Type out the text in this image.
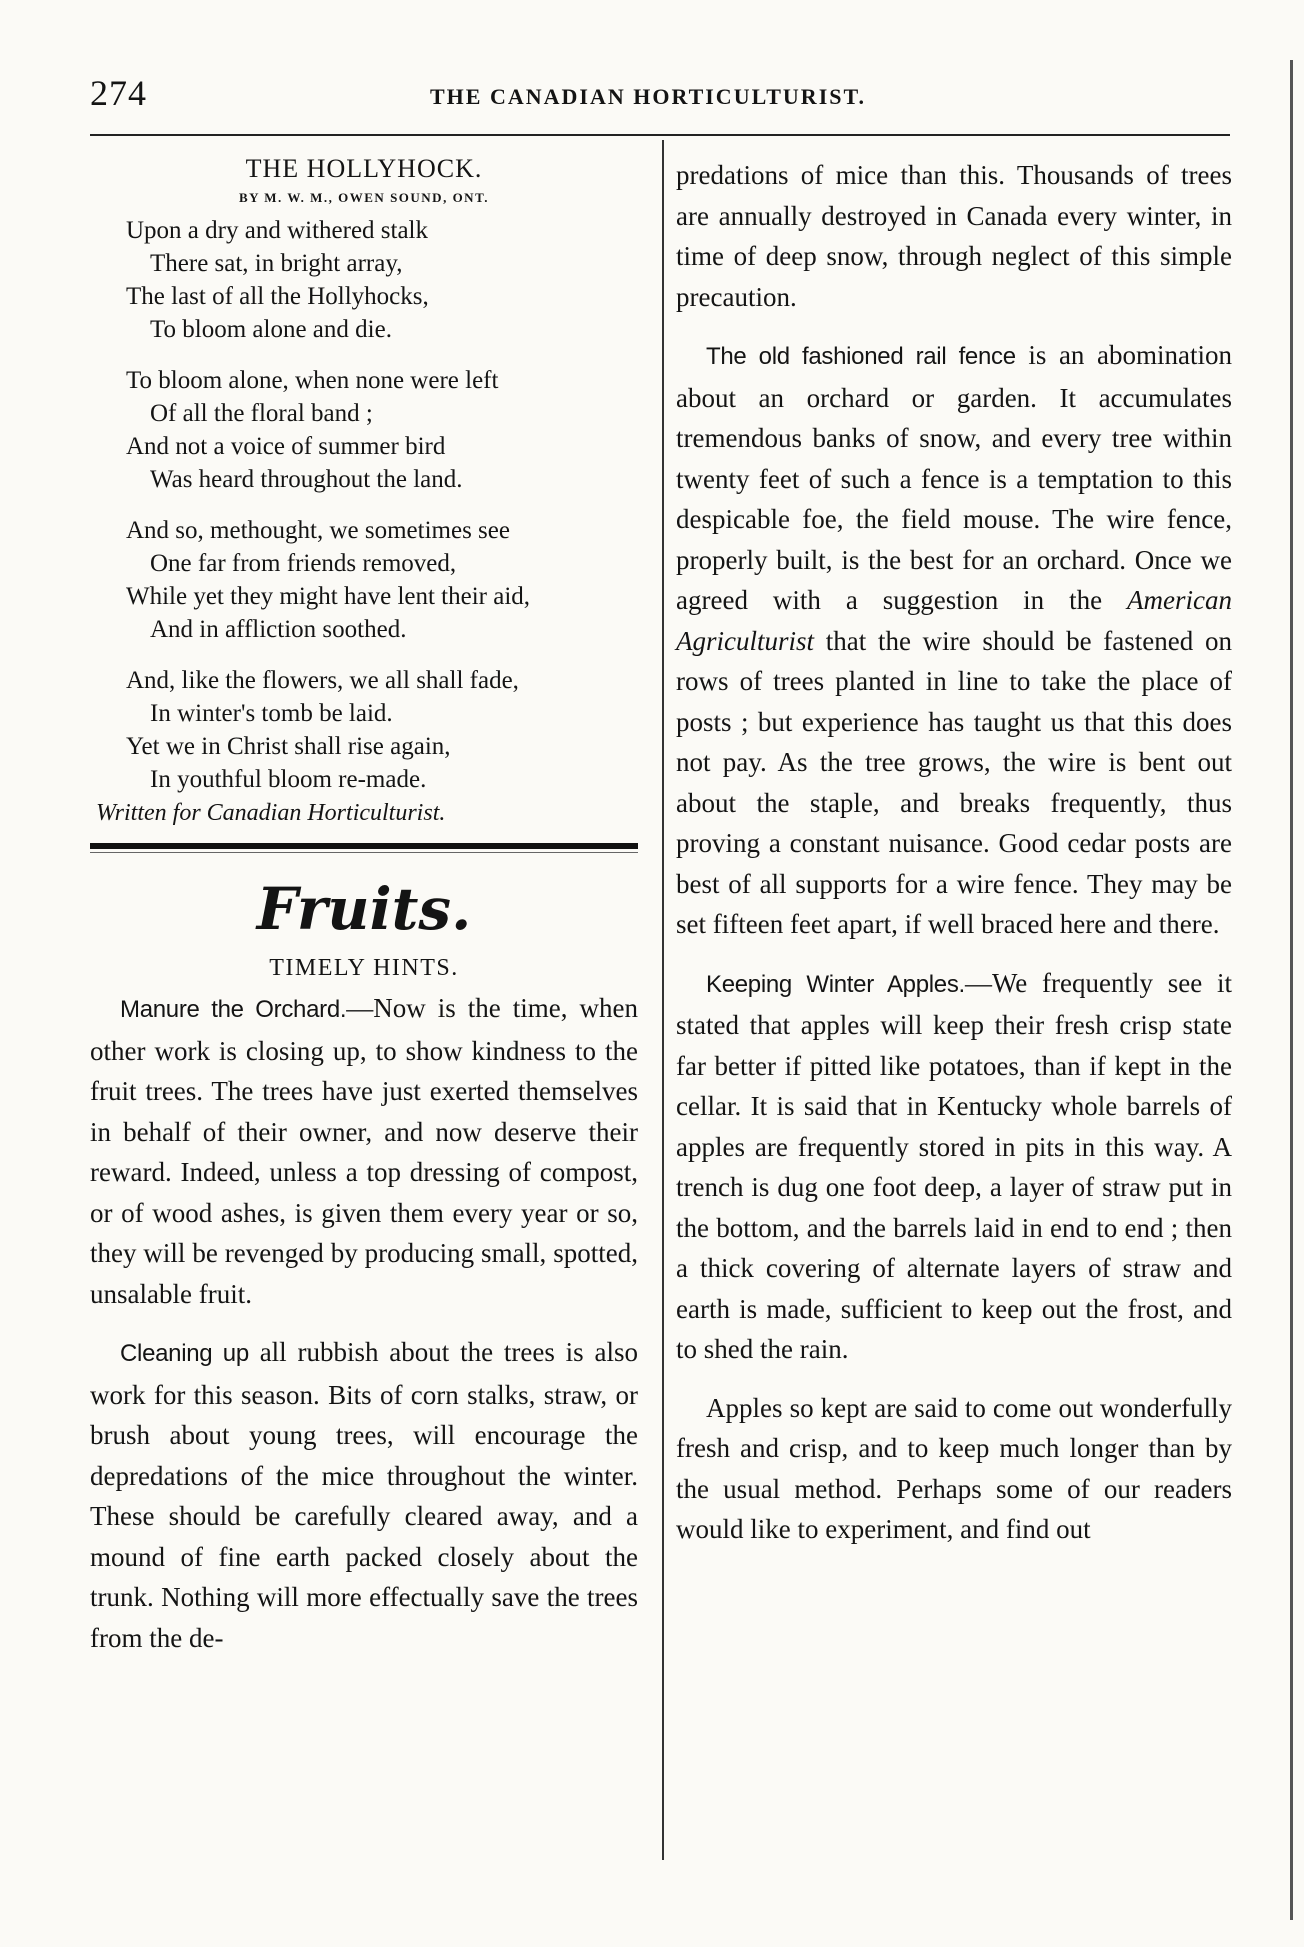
274	THE CANADIAN HORTICULTURIST.
THE HOLLYHOCK.
BY M. W. M., OWEN SOUND, ONT.
Upon a dry and withered stalk
There sat, in bright array,
The last of all the Hollyhocks,
To bloom alone and die.
To bloom alone, when none were left
Of all the floral band ;
And not a voice of summer bird
Was heard throughout the land.
And so, methought, we sometimes see
One far from friends removed,
While yet they might have lent their aid,
And in affliction soothed.
And, like the flowers, we all shall fade,
In winter's tomb be laid.
Yet we in Christ shall rise again,
In youthful bloom re-made.
Written for Canadian Horticulturist.
Fruits.
TIMELY HINTS.

Manure the Orchard.—Now is the time, when other work is closing up, to show kindness to the fruit trees. The trees have just exerted themselves in behalf of their owner, and now deserve their reward. Indeed, unless a top dressing of compost, or of wood ashes, is given them every year or so, they will be revenged by producing small, spotted, unsalable fruit.

Cleaning up all rubbish about the trees is also work for this season. Bits of corn stalks, straw, or brush about young trees, will encourage the depredations of the mice throughout the winter. These should be carefully cleared away, and a mound of fine earth packed closely about the trunk. Nothing will more effectually save the trees from the de-

predations of mice than this. Thousands of trees are annually destroyed in Canada every winter, in time of deep snow, through neglect of this simple precaution.

The old fashioned rail fence is an abomination about an orchard or garden. It accumulates tremendous banks of snow, and every tree within twenty feet of such a fence is a temptation to this despicable foe, the field mouse. The wire fence, properly built, is the best for an orchard. Once we agreed with a suggestion in the American Agriculturist that the wire should be fastened on rows of trees planted in line to take the place of posts ; but experience has taught us that this does not pay. As the tree grows, the wire is bent out about the staple, and breaks frequently, thus proving a constant nuisance. Good cedar posts are best of all supports for a wire fence. They may be set fifteen feet apart, if well braced here and there.

Keeping Winter Apples.—We frequently see it stated that apples will keep their fresh crisp state far better if pitted like potatoes, than if kept in the cellar. It is said that in Kentucky whole barrels of apples are frequently stored in pits in this way. A trench is dug one foot deep, a layer of straw put in the bottom, and the barrels laid in end to end ; then a thick covering of alternate layers of straw and earth is made, sufficient to keep out the frost, and to shed the rain.

Apples so kept are said to come out wonderfully fresh and crisp, and to keep much longer than by the usual method. Perhaps some of our readers would like to experiment, and find out
